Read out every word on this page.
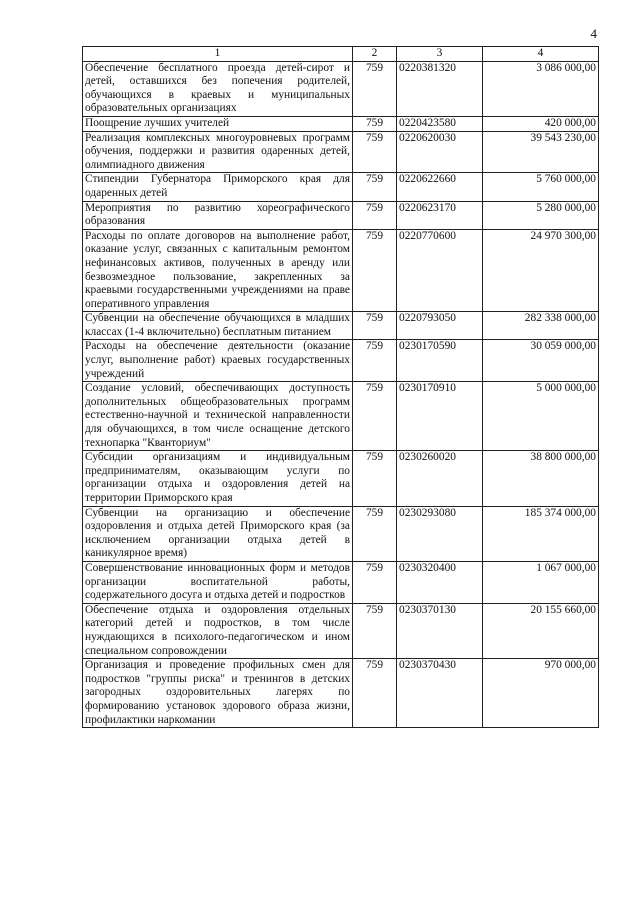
4
1	2	3	4
Обеспечение бесплатного проезда детей-сирот и детей, оставшихся без попечения родителей, обучающихся в краевых и муниципальных образовательных организациях	759	0220381320	3 086 000,00
Поощрение лучших учителей	759	0220423580	420 000,00
Реализация комплексных многоуровневых программ обучения, поддержки и развития одаренных детей, олимпиадного движения	759	0220620030	39 543 230,00
Стипендии Губернатора Приморского края для одаренных детей	759	0220622660	5 760 000,00
Мероприятия по развитию хореографического образования	759	0220623170	5 280 000,00
Расходы по оплате договоров на выполнение работ, оказание услуг, связанных с капитальным ремонтом нефинансовых активов, полученных в аренду или безвозмездное пользование, закрепленных за краевыми государственными учреждениями на праве оперативного управления	759	0220770600	24 970 300,00
Субвенции на обеспечение обучающихся в младших классах (1-4 включительно) бесплатным питанием	759	0220793050	282 338 000,00
Расходы на обеспечение деятельности (оказание услуг, выполнение работ) краевых государственных учреждений	759	0230170590	30 059 000,00
Создание условий, обеспечивающих доступность дополнительных общеобразовательных программ естественно-научной и технической направленности для обучающихся, в том числе оснащение детского технопарка "Кванториум"	759	0230170910	5 000 000,00
Субсидии организациям и индивидуальным предпринимателям, оказывающим услуги по организации отдыха и оздоровления детей на территории Приморского края	759	0230260020	38 800 000,00
Субвенции на организацию и обеспечение оздоровления и отдыха детей Приморского края (за исключением организации отдыха детей в каникулярное время)	759	0230293080	185 374 000,00
Совершенствование инновационных форм и методов организации воспитательной работы, содержательного досуга и отдыха детей и подростков	759	0230320400	1 067 000,00
Обеспечение отдыха и оздоровления отдельных категорий детей и подростков, в том числе нуждающихся в психолого-педагогическом и ином специальном сопровождении	759	0230370130	20 155 660,00
Организация и проведение профильных смен для подростков "группы риска" и тренингов в детских загородных оздоровительных лагерях по формированию установок здорового образа жизни, профилактики наркомании	759	0230370430	970 000,00
